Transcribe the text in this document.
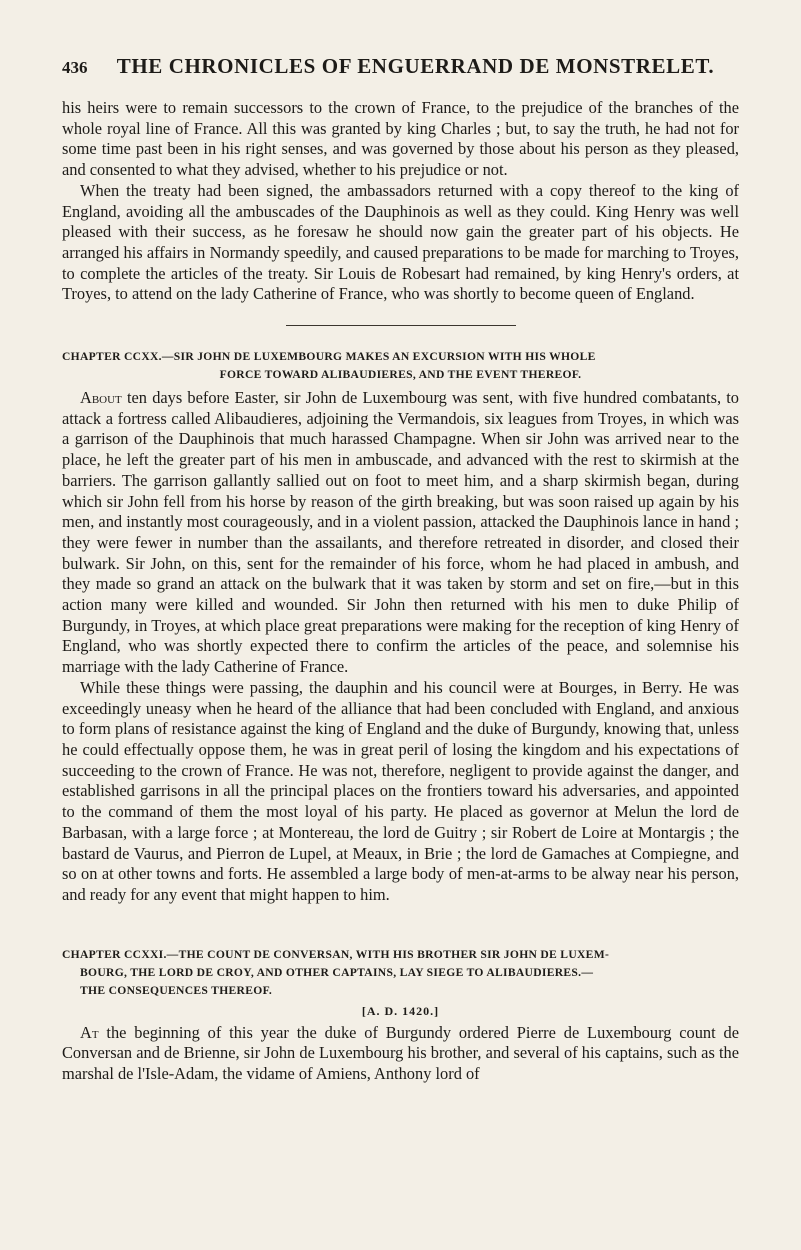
436	THE CHRONICLES OF ENGUERRAND DE MONSTRELET.

his heirs were to remain successors to the crown of France, to the prejudice of the branches of the whole royal line of France. All this was granted by king Charles ; but, to say the truth, he had not for some time past been in his right senses, and was governed by those about his person as they pleased, and consented to what they advised, whether to his prejudice or not.

When the treaty had been signed, the ambassadors returned with a copy thereof to the king of England, avoiding all the ambuscades of the Dauphinois as well as they could. King Henry was well pleased with their success, as he foresaw he should now gain the greater part of his objects. He arranged his affairs in Normandy speedily, and caused preparations to be made for marching to Troyes, to complete the articles of the treaty. Sir Louis de Robesart had remained, by king Henry's orders, at Troyes, to attend on the lady Catherine of France, who was shortly to become queen of England.

CHAPTER CCXX.—SIR JOHN DE LUXEMBOURG MAKES AN EXCURSION WITH HIS WHOLE
FORCE TOWARD ALIBAUDIERES, AND THE EVENT THEREOF.

About ten days before Easter, sir John de Luxembourg was sent, with five hundred combatants, to attack a fortress called Alibaudieres, adjoining the Vermandois, six leagues from Troyes, in which was a garrison of the Dauphinois that much harassed Champagne. When sir John was arrived near to the place, he left the greater part of his men in ambuscade, and advanced with the rest to skirmish at the barriers. The garrison gallantly sallied out on foot to meet him, and a sharp skirmish began, during which sir John fell from his horse by reason of the girth breaking, but was soon raised up again by his men, and instantly most courageously, and in a violent passion, attacked the Dauphinois lance in hand ; they were fewer in number than the assailants, and therefore retreated in disorder, and closed their bulwark. Sir John, on this, sent for the remainder of his force, whom he had placed in ambush, and they made so grand an attack on the bulwark that it was taken by storm and set on fire,—but in this action many were killed and wounded. Sir John then returned with his men to duke Philip of Burgundy, in Troyes, at which place great preparations were making for the reception of king Henry of England, who was shortly expected there to confirm the articles of the peace, and solemnise his marriage with the lady Catherine of France.

While these things were passing, the dauphin and his council were at Bourges, in Berry. He was exceedingly uneasy when he heard of the alliance that had been concluded with England, and anxious to form plans of resistance against the king of England and the duke of Burgundy, knowing that, unless he could effectually oppose them, he was in great peril of losing the kingdom and his expectations of succeeding to the crown of France. He was not, therefore, negligent to provide against the danger, and established garrisons in all the principal places on the frontiers toward his adversaries, and appointed to the command of them the most loyal of his party. He placed as governor at Melun the lord de Barbasan, with a large force ; at Montereau, the lord de Guitry ; sir Robert de Loire at Montargis ; the bastard de Vaurus, and Pierron de Lupel, at Meaux, in Brie ; the lord de Gamaches at Compiegne, and so on at other towns and forts. He assembled a large body of men-at-arms to be alway near his person, and ready for any event that might happen to him.

CHAPTER CCXXI.—THE COUNT DE CONVERSAN, WITH HIS BROTHER SIR JOHN DE LUXEM-
BOURG, THE LORD DE CROY, AND OTHER CAPTAINS, LAY SIEGE TO ALIBAUDIERES.—
THE CONSEQUENCES THEREOF.
[A. D. 1420.]

At the beginning of this year the duke of Burgundy ordered Pierre de Luxembourg count de Conversan and de Brienne, sir John de Luxembourg his brother, and several of his captains, such as the marshal de l'Isle-Adam, the vidame of Amiens, Anthony lord of
